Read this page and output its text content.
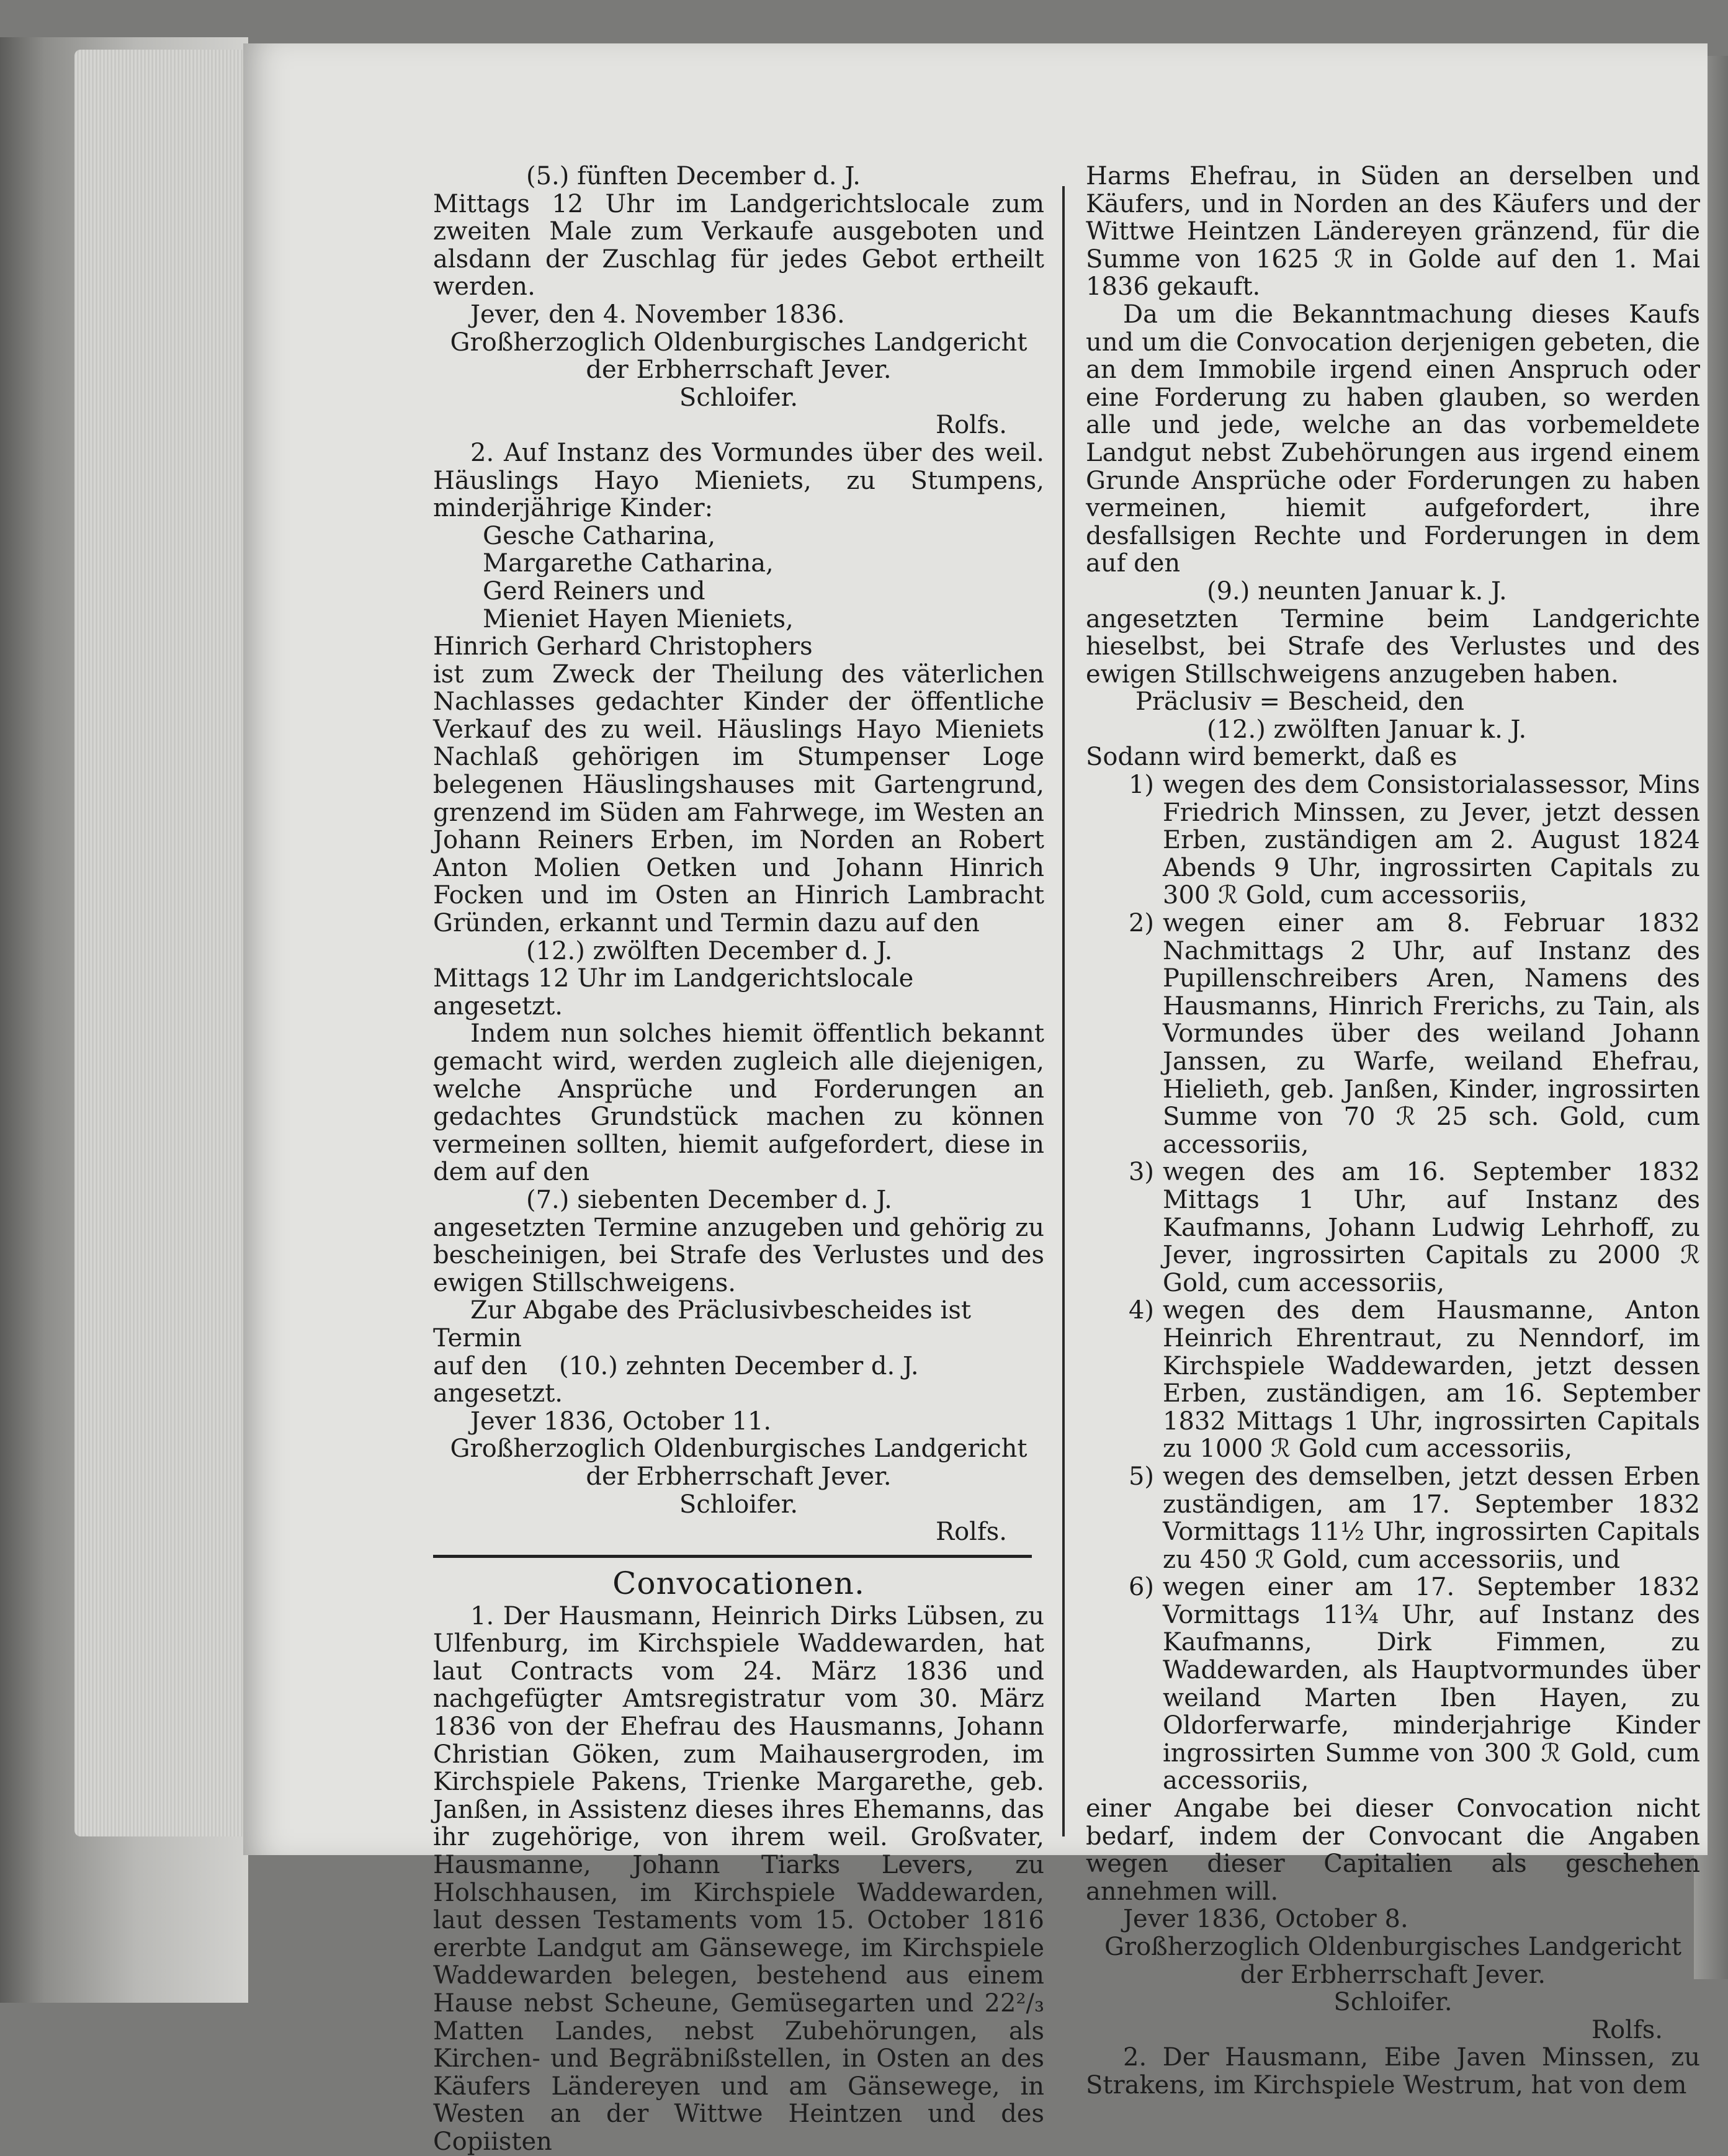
(5.) fünften December d. J.

Mittags 12 Uhr im Landgerichtslocale zum zweiten Male zum Verkaufe ausgeboten und alsdann der Zuschlag für jedes Gebot ertheilt werden.

Jever, den 4. November 1836.

Großherzoglich Oldenburgisches Landgericht

der Erbherrschaft Jever.

Schloifer.

Rolfs.

2. Auf Instanz des Vormundes über des weil. Häuslings Hayo Mieniets, zu Stumpens, minderjährige Kinder:

Gesche Catharina,

Margarethe Catharina,

Gerd Reiners und

Mieniet Hayen Mieniets,

Hinrich Gerhard Christophers

ist zum Zweck der Theilung des väterlichen Nachlasses gedachter Kinder der öffentliche Verkauf des zu weil. Häuslings Hayo Mieniets Nachlaß gehörigen im Stumpenser Loge belegenen Häuslingshauses mit Gartengrund, grenzend im Süden am Fahrwege, im Westen an Johann Reiners Erben, im Norden an Robert Anton Molien Oetken und Johann Hinrich Focken und im Osten an Hinrich Lambracht Gründen, erkannt und Termin dazu auf den

(12.) zwölften December d. J.

Mittags 12 Uhr im Landgerichtslocale angesetzt.

Indem nun solches hiemit öffentlich bekannt gemacht wird, werden zugleich alle diejenigen, welche Ansprüche und Forderungen an gedachtes Grundstück machen zu können vermeinen sollten, hiemit aufgefordert, diese in dem auf den

(7.) siebenten December d. J.

angesetzten Termine anzugeben und gehörig zu bescheinigen, bei Strafe des Verlustes und des ewigen Stillschweigens.

Zur Abgabe des Präclusivbescheides ist Termin

auf den (10.) zehnten December d. J.

angesetzt.

Jever 1836, October 11.

Großherzoglich Oldenburgisches Landgericht

der Erbherrschaft Jever.

Schloifer.

Rolfs.

Convocationen.

1. Der Hausmann, Heinrich Dirks Lübsen, zu Ulfenburg, im Kirchspiele Waddewarden, hat laut Contracts vom 24. März 1836 und nachgefügter Amtsregistratur vom 30. März 1836 von der Ehefrau des Hausmanns, Johann Christian Göken, zum Maihausergroden, im Kirchspiele Pakens, Trienke Margarethe, geb. Janßen, in Assistenz dieses ihres Ehemanns, das ihr zugehörige, von ihrem weil. Großvater, Hausmanne, Johann Tiarks Levers, zu Holschhausen, im Kirchspiele Waddewarden, laut dessen Testaments vom 15. October 1816 ererbte Landgut am Gänsewege, im Kirchspiele Waddewarden belegen, bestehend aus einem Hause nebst Scheune, Gemüsegarten und 22²/₃ Matten Landes, nebst Zubehörungen, als Kirchen- und Begräbnißstellen, in Osten an des Käufers Ländereyen und am Gänsewege, in Westen an der Wittwe Heintzen und des Copiisten

Harms Ehefrau, in Süden an derselben und Käufers, und in Norden an des Käufers und der Wittwe Heintzen Ländereyen gränzend, für die Summe von 1625 ℛ in Golde auf den 1. Mai 1836 gekauft.

Da um die Bekanntmachung dieses Kaufs und um die Convocation derjenigen gebeten, die an dem Immobile irgend einen Anspruch oder eine Forderung zu haben glauben, so werden alle und jede, welche an das vorbemeldete Landgut nebst Zubehörungen aus irgend einem Grunde Ansprüche oder Forderungen zu haben vermeinen, hiemit aufgefordert, ihre desfallsigen Rechte und Forderungen in dem auf den

(9.) neunten Januar k. J.

angesetzten Termine beim Landgerichte hieselbst, bei Strafe des Verlustes und des ewigen Stillschweigens anzugeben haben.

Präclusiv = Bescheid, den

(12.) zwölften Januar k. J.

Sodann wird bemerkt, daß es

1) wegen des dem Consistorialassessor, Mins Friedrich Minssen, zu Jever, jetzt dessen Erben, zuständigen am 2. August 1824 Abends 9 Uhr, ingrossirten Capitals zu 300 ℛ Gold, cum accessoriis,
2) wegen einer am 8. Februar 1832 Nachmittags 2 Uhr, auf Instanz des Pupillenschreibers Aren, Namens des Hausmanns, Hinrich Frerichs, zu Tain, als Vormundes über des weiland Johann Janssen, zu Warfe, weiland Ehefrau, Hielieth, geb. Janßen, Kinder, ingrossirten Summe von 70 ℛ 25 sch. Gold, cum accessoriis,
3) wegen des am 16. September 1832 Mittags 1 Uhr, auf Instanz des Kaufmanns, Johann Ludwig Lehrhoff, zu Jever, ingrossirten Capitals zu 2000 ℛ Gold, cum accessoriis,
4) wegen des dem Hausmanne, Anton Heinrich Ehrentraut, zu Nenndorf, im Kirchspiele Waddewarden, jetzt dessen Erben, zuständigen, am 16. September 1832 Mittags 1 Uhr, ingrossirten Capitals zu 1000 ℛ Gold cum accessoriis,
5) wegen des demselben, jetzt dessen Erben zuständigen, am 17. September 1832 Vormittags 11½ Uhr, ingrossirten Capitals zu 450 ℛ Gold, cum accessoriis, und
6) wegen einer am 17. September 1832 Vormittags 11¾ Uhr, auf Instanz des Kaufmanns, Dirk Fimmen, zu Waddewarden, als Hauptvormundes über weiland Marten Iben Hayen, zu Oldorferwarfe, minderjahrige Kinder ingrossirten Summe von 300 ℛ Gold, cum accessoriis,

einer Angabe bei dieser Convocation nicht bedarf, indem der Convocant die Angaben wegen dieser Capitalien als geschehen annehmen will.

Jever 1836, October 8.

Großherzoglich Oldenburgisches Landgericht

der Erbherrschaft Jever.

Schloifer.

Rolfs.

2. Der Hausmann, Eibe Javen Minssen, zu Strakens, im Kirchspiele Westrum, hat von dem
